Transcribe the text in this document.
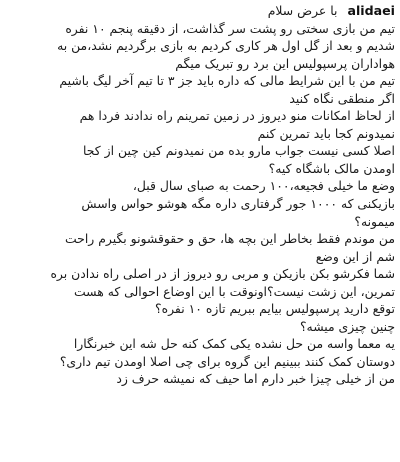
alidaei
با عرض سلام
تیم من بازی سختی رو پشت سر گذاشت، از دقیقه پنجم ۱۰ نفره
شدیم و بعد از گل اول هر کاری کردیم به بازی برگردیم نشد،من به
هواداران پرسپولیس این برد رو تبریک میگم
تیم من با این شرایط مالی که داره باید جز ۳ تا تیم آخر لیگ باشیم
اگر منطقی نگاه کنید
از لحاظ امکانات منو دیروز در زمین تمرینم راه ندادند فردا هم
نمیدونم کجا باید تمرین کنم
اصلا کسی نیست جواب مارو بده من نمیدونم کین چین از کجا
اومدن مالک باشگاه کیه؟
وضع ما خیلی فجیعه،۱۰۰ رحمت به صبای سال قبل،
بازیکنی که ۱۰۰۰ جور گرفتاری داره مگه هوشو حواس واسش
میمونه؟
من موندم فقط بخاطر این بچه ها، حق و حقوقشونو بگیرم راحت
شم از این وضع
شما فکرشو بکن بازیکن و مربی رو دیروز از در اصلی راه ندادن بره
تمرین، این زشت نیست؟اونوقت با این اوضاع احوالی که هست
توقع دارید پرسپولیس بیایم ببریم تازه ۱۰ نفره؟
چنین چیزی میشه؟
یه معما واسه من حل نشده یکی کمک کنه حل شه این خبرنگارا
دوستان کمک کنند ببینیم این گروه برای چی اصلا اومدن تیم داری؟
من از خیلی چیزا خبر دارم اما حیف که نمیشه حرف زد
